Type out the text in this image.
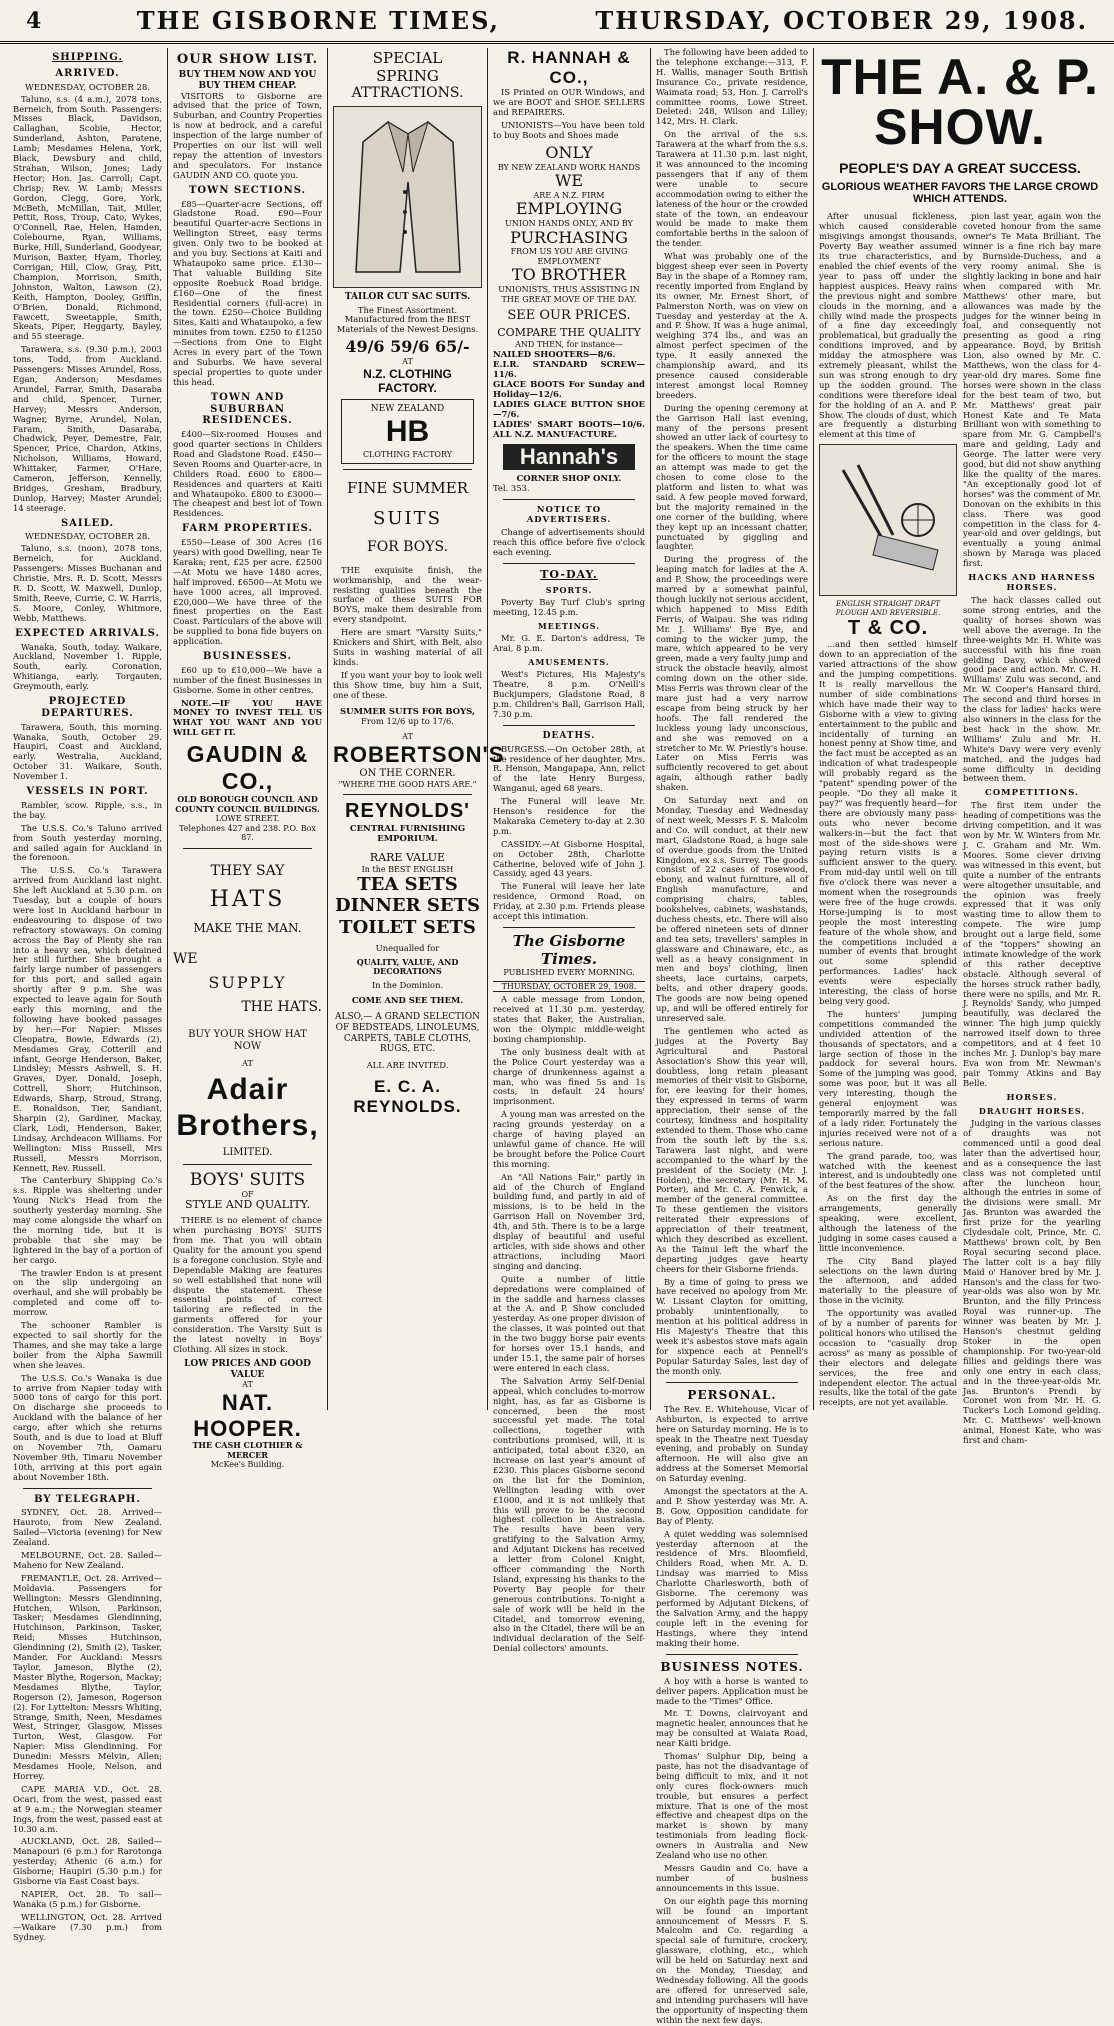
4	THE GISBORNE TIMES,	THURSDAY, OCTOBER 29, 1908.
SHIPPING.
ARRIVED.
WEDNESDAY, OCTOBER 28.

Taluno, s.s. (4 a.m.), 2078 tons, Berneich, from South. Passengers: Misses Black, Davidson, Callaghan, Scobie, Hector, Sunderland, Ashton, Paratene, Lamb; Mesdames Helena, York, Black, Dewsbury and child, Strahan, Wilson, Jones; Lady Hector; Hon. Jas. Carroll; Capt. Chrisp; Rev. W. Lamb; Messrs Gordon, Clegg, Gore, York, McBeth, McMillan, Tait, Miller, Pettit, Ross, Troup, Cato, Wykes, O'Connell, Rae, Helen, Hamden, Colebourne, Ryan, Williams, Burke, Hill, Sunderland, Goodyear, Murison, Baxter, Hyam, Thorley, Corrigan, Hill, Clow, Gray, Pitt, Champion, Morrison, Smith, Johnston, Walton, Lawson (2), Keith, Hampton, Dooley, Griffin, O'Brien, Donald, Richmond, Fawcett, Sweetapple, Smith, Skeats, Piper, Heggarty, Bayley, and 55 steerage.

Tarawera, s.s. (9.30 p.m.), 2003 tons, Todd, from Auckland. Passengers: Misses Arundel, Ross, Egan, Anderson; Mesdames Arundel, Farrar, Smith, Dasaraba and child, Spencer, Turner, Harvey; Messrs Anderson, Wagner, Byrne, Arundel, Nolan, Faram, Smith, Dasaraba, Chadwick, Peyer, Demestre, Fair, Spencer, Price, Chardon, Atkins, Nicholson, Williams, Howard, Whittaker, Farmer, O'Hare, Cameron, Jefferson, Kennelly, Bridges, Gresham, Bradbury, Dunlop, Harvey; Master Arundel; 14 steerage.

SAILED.
WEDNESDAY, OCTOBER 28.

Taluno, s.s. (noon), 2078 tons, Berneich, for Auckland. Passengers: Misses Buchanan and Christie, Mrs. R. D. Scott, Messrs R. D. Scott, W. Maxwell, Dunlop, Smith, Reeve, Currie, C. W. Harris, S. Moore, Conley, Whitmore, Webb, Matthews.

EXPECTED ARRIVALS.

Wanaka, South, today. Waikare, Auckland, November 1. Ripple, South, early. Coronation, Whitianga, early. Torgauten, Greymouth, early.

PROJECTED DEPARTURES.

Tarawera, South, this morning. Wanaka, South, October 29. Haupiri, Coast and Auckland, early. Westralia, Auckland, October 31. Waikare, South, November 1.

VESSELS IN PORT.

Rambler, scow. Ripple, s.s., in the bay.

The U.S.S. Co.'s Taluno arrived from South yesterday morning, and sailed again for Auckland in the forenoon.

The U.S.S. Co.'s Tarawera arrived from Auckland last night. She left Auckland at 5.30 p.m. on Tuesday, but a couple of hours were lost in Auckland harbour in endeavouring to dispose of two refractory stowaways. On coming across the Bay of Plenty she ran into a heavy sea, which detained her still further. She brought a fairly large number of passengers for this port, and sailed again shortly after 9 p.m. She was expected to leave again for South early this morning, and the following have booked passages by her:—For Napier: Misses Cleopatra, Bowie, Edwards (2), Mesdames Gray, Cotterill and infant, George Henderson, Baker, Lindsley; Messrs Ashwell, S. H. Graves, Dyer, Donald, Joseph, Cottrell, Shorr, Hutchinson, Edwards, Sharp, Stroud, Strang, E. Ronaldson, Tier, Sandiant, Sharpin (2), Gardiner, Mackay, Clark, Lodi, Henderson, Baker, Lindsay, Archdeacon Williams. For Wellington: Miss Russell, Mrs Russell, Messrs Morrison, Kennett, Rev. Russell.

The Canterbury Shipping Co.'s s.s. Ripple was sheltering under Young Nick's Head from the southerly yesterday morning. She may come alongside the wharf on the morning tide, but it is probable that she may be lightered in the bay of a portion of her cargo.

The trawler Endon is at present on the slip undergoing an overhaul, and she will probably be completed and come off to-morrow.

The schooner Rambler is expected to sail shortly for the Thames, and she may take a large boiler from the Alpha Sawmill when she leaves.

The U.S.S. Co.'s Wanaka is due to arrive from Napier today with 5000 tons of cargo for this port. On discharge she proceeds to Auckland with the balance of her cargo, after which she returns South, and is due to load at Bluff on November 7th, Oamaru November 9th, Timaru November 10th, arriving at this port again about November 18th.

BY TELEGRAPH.

SYDNEY, Oct. 28. Arrived—Hauroto, from New Zealand. Sailed—Victoria (evening) for New Zealand.

MELBOURNE, Oct. 28. Sailed—Maheno for New Zealand.

FREMANTLE, Oct. 28. Arrived—Moldavia. Passengers for Wellington: Messrs Glendinning, Hutchen, Wilson, Parkinson, Tasker; Mesdames Glendinning, Hutchinson, Parkinson, Tasker, Reid; Misses Hutchinson, Glendinning (2), Smith (2), Tasker, Mander. For Auckland: Messrs Taylor, Jameson, Blythe (2), Master Blythe, Rogerson, Mackay; Mesdames Blythe, Taylor, Rogerson (2), Jameson, Rogerson (2). For Lyttelton: Messrs Whiting, Strange, Smith, Neen, Mesdames West, Stringer, Glasgow, Misses Turton, West, Glasgow. For Napier: Miss Glendinning. For Dunedin: Messrs Melvin, Allen; Mesdames Hoole, Nelson, and Horrey.

CAPE MARIA V.D., Oct. 28. Ocari, from the west, passed east at 9 a.m.; the Norwegian steamer Ings, from the west, passed east at 10.30 a.m.

AUCKLAND, Oct. 28. Sailed—Manapouri (6 p.m.) for Rarotonga yesterday; Athenic (6 a.m.) for Gisborne; Haupiri (5.30 p.m.) for Gisborne via East Coast bays.

NAPIER, Oct. 28. To sail—Wanaka (5 p.m.) for Gisborne.

WELLINGTON, Oct. 28. Arrived—Waikare (7.30 p.m.) from Sydney.

OUR SHOW LIST.
BUY THEM NOW AND YOU BUY THEM CHEAP.

VISITORS to Gisborne are advised that the price of Town, Suburban, and Country Properties is now at bedrock, and a careful inspection of the large number of Properties on our list will well repay the attention of investors and speculators. For instance GAUDIN AND CO. quote you.

TOWN SECTIONS.

£85—Quarter-acre Sections, off Gladstone Road. £90—Four beautiful Quarter-acre Sections in Wellington Street, easy terms given. Only two to be booked at and you buy. Sections at Kaiti and Whataupoko same price. £130—That valuable Building Site opposite Roebuck Road bridge. £160—One of the finest Residential corners (full-acre) in the town. £250—Choice Building Sites, Kaiti and Whataupoko, a few minutes from town. £250 to £1250—Sections from One to Eight Acres in every part of the Town and Suburbs. We have several special properties to quote under this head.

TOWN AND SUBURBAN RESIDENCES.

£400—Six-roomed Houses and good quarter sections in Childers Road and Gladstone Road. £450—Seven Rooms and Quarter-acre, in Childers Road. £600 to £800—Residences and quarters at Kaiti and Whataupoko. £800 to £3000—The cheapest and best lot of Town Residences.

FARM PROPERTIES.

£550—Lease of 300 Acres (16 years) with good Dwelling, near Te Karaka; rent, £25 per acre. £2500—At Motu we have 1480 acres, half improved. £6500—At Motu we have 1000 acres, all improved. £20,000—We have three of the finest properties on the East Coast. Particulars of the above will be supplied to bona fide buyers on application.

BUSINESSES.

£60 up to £10,000—We have a number of the finest Businesses in Gisborne. Some in other centres.

NOTE.—IF YOU HAVE MONEY TO INVEST TELL US WHAT YOU WANT AND YOU WILL GET IT.

GAUDIN & CO.,
OLD BOROUGH COUNCIL AND COUNTY COUNCIL BUILDINGS.
LOWE STREET.
Telephones 427 and 238. P.O. Box 87.
THEY SAY
HATS
MAKE THE MAN.
WE
SUPPLY
THE HATS.
BUY YOUR SHOW HAT NOW
AT
Adair
Brothers,
LIMITED.
BOYS' SUITS
OF
STYLE AND QUALITY.

THERE is no element of chance when purchasing BOYS' SUITS from me. That you will obtain Quality for the amount you spend is a foregone conclusion. Style and Dependable Making are features so well established that none will dispute the statement. These essential points of correct tailoring are reflected in the garments offered for your consideration. The Varsity Suit is the latest novelty in Boys' Clothing. All sizes in stock.

LOW PRICES AND GOOD VALUE
AT
NAT. HOOPER.
THE CASH CLOTHIER & MERCER
McKee's Building.
SPECIAL
SPRING
ATTRACTIONS.
TAILOR CUT SAC SUITS.
The Finest Assortment. Manufactured from the BEST Materials of the Newest Designs.
49/6 59/6 65/-
AT
N.Z. CLOTHING FACTORY.
NEW ZEALAND
HB
CLOTHING FACTORY
FINE SUMMER
SUITS
FOR BOYS.

THE exquisite finish, the workmanship, and the wear-resisting qualities beneath the surface of these SUITS FOR BOYS, make them desirable from every standpoint.

Here are smart "Varsity Suits," Knickers and Shirt, with Belt, also Suits in washing material of all kinds.

If you want your boy to look well this Show time, buy him a Suit, one of these.

SUMMER SUITS FOR BOYS,
From 12/6 up to 17/6.
AT
ROBERTSON'S
ON THE CORNER.
"WHERE THE GOOD HATS ARE."
REYNOLDS'
CENTRAL FURNISHING EMPORIUM.
RARE VALUE
In the BEST ENGLISH
TEA SETS
DINNER SETS
TOILET SETS
Unequalled for
QUALITY, VALUE, AND DECORATIONS
In the Dominion.
COME AND SEE THEM.
ALSO,— A GRAND SELECTION OF BEDSTEADS, LINOLEUMS, CARPETS, TABLE CLOTHS, RUGS, ETC.
ALL ARE INVITED.
E. C. A. REYNOLDS.
R. HANNAH & CO.,

IS Printed on OUR Windows, and we are BOOT and SHOE SELLERS and REPAIRERS.

UNIONISTS—You have been told to buy Boots and Shoes made

ONLY
BY NEW ZEALAND WORK HANDS
WE
ARE A N.Z. FIRM
EMPLOYING
UNION HANDS ONLY, AND BY
PURCHASING
FROM US YOU ARE GIVING EMPLOYMENT
TO BROTHER
UNIONISTS, THUS ASSISTING IN THE GREAT MOVE OF THE DAY.
SEE OUR PRICES.
COMPARE THE QUALITY
AND THEN, for instance—
NAILED SHOOTERS—8/6.
E.I.R. STANDARD SCREW—11/6.
GLACE BOOTS For Sunday and Holiday—12/6.
LADIES GLACE BUTTON SHOE—7/6.
LADIES' SMART BOOTS—10/6. ALL N.Z. MANUFACTURE.
Hannah's
CORNER SHOP ONLY.
Tel. 353.
NOTICE TO ADVERTISERS.

Change of advertisements should reach this office before five o'clock each evening.

TO-DAY.
SPORTS.

Poverty Bay Turf Club's spring meeting, 12.45 p.m.

MEETINGS.

Mr. G. E. Darton's address, Te Arai, 8 p.m.

AMUSEMENTS.

West's Pictures, His Majesty's Theatre, 8 p.m. O'Neill's Buckjumpers, Gladstone Road, 8 p.m. Children's Ball, Garrison Hall, 7.30 p.m.

DEATHS.

BURGESS.—On October 28th, at the residence of her daughter, Mrs. R. Henson, Mangapapa, Ann, relict of the late Henry Burgess, Wanganui, aged 68 years.

The Funeral will leave Mr. Henson's residence for the Makaraka Cemetery to-day at 2.30 p.m.

CASSIDY.—At Gisborne Hospital, on October 28th, Charlotte Catherine, beloved wife of John J. Cassidy, aged 43 years.

The Funeral will leave her late residence, Ormond Road, on Friday, at 2.30 p.m. Friends please accept this intimation.

The Gisborne Times.
PUBLISHED EVERY MORNING.
THURSDAY, OCTOBER 29, 1908.

A cable message from London, received at 11.30 p.m. yesterday, states that Baker, the Australian, won the Olympic middle-weight boxing championship.

The only business dealt with at the Police Court yesterday was a charge of drunkenness against a man, who was fined 5s and 1s costs, in default 24 hours' imprisonment.

A young man was arrested on the racing grounds yesterday on a charge of having played an unlawful game of chance. He will be brought before the Police Court this morning.

An "All Nations Fair," partly in aid of the Church of England building fund, and partly in aid of missions, is to be held in the Garrison Hall on November 3rd, 4th, and 5th. There is to be a large display of beautiful and useful articles, with side shows and other attractions, including Maori singing and dancing.

Quite a number of little depredations were complained of in the saddle and harness classes at the A. and P. Show concluded yesterday. As one proper division of the classes, it was pointed out that in the two buggy horse pair events for horses over 15.1 hands, and under 15.1, the same pair of horses were entered in each class.

The Salvation Army Self-Denial appeal, which concludes to-morrow night, has, as far as Gisborne is concerned, been the most successful yet made. The total collections, together with contributions promised, will, it is anticipated, total about £320, an increase on last year's amount of £230. This places Gisborne second on the list for the Dominion, Wellington leading with over £1000, and it is not unlikely that this will prove to be the second highest collection in Australasia. The results have been very gratifying to the Salvation Army, and Adjutant Dickens has received a letter from Colonel Knight, officer commanding the North Island, expressing his thanks to the Poverty Bay people for their generous contributions. To-night a sale of work will be held in the Citadel, and tomorrow evening, also in the Citadel, there will be an individual declaration of the Self-Denial collectors' amounts.

The following have been added to the telephone exchange:—313, F. H. Wallis, manager South British Insurance Co., private residence, Waimata road; 53, Hon. J. Carroll's committee rooms, Lowe Street. Deleted: 248, Wilson and Lilley; 142, Mrs. H. Clark.

On the arrival of the s.s. Tarawera at the wharf from the s.s. Tarawera at 11.30 p.m. last night, it was announced to the incoming passengers that if any of them were unable to secure accommodation owing to either the lateness of the hour or the crowded state of the town, an endeavour would be made to make them comfortable berths in the saloon of the tender.

What was probably one of the biggest sheep ever seen in Poverty Bay in the shape of a Romney ram, recently imported from England by its owner, Mr. Ernest Short, of Palmerston North, was on view on Tuesday and yesterday at the A. and P. Show. It was a huge animal, weighing 374 lbs., and was an almost perfect specimen of the type. It easily annexed the championship award, and its presence caused considerable interest amongst local Romney breeders.

During the opening ceremony at the Garrison Hall last evening, many of the persons present showed an utter lack of courtesy to the speakers. When the time came for the officers to mount the stage an attempt was made to get the chosen to come close to the platform and listen to what was said. A few people moved forward, but the majority remained in the one corner of the building, where they kept up an incessant chatter, punctuated by giggling and laughter.

During the progress of the leaping match for ladies at the A. and P. Show, the proceedings were marred by a somewhat painful, though luckily not serious accident, which happened to Miss Edith Ferris, of Waipau. She was riding Mr. J. Williams' Bye Bye, and coming to the wicker jump, the mare, which appeared to be very green, made a very faulty jump and struck the obstacle heavily, almost coming down on the other side. Miss Ferris was thrown clear of the mare just had a very narrow escape from being struck by her hoofs. The fall rendered the luckless young lady unconscious, and she was removed on a stretcher to Mr. W. Priestly's house. Later on Miss Ferris was sufficiently recovered to get about again, although rather badly shaken.

On Saturday next and on Monday, Tuesday and Wednesday of next week, Messrs F. S. Malcolm and Co. will conduct, at their new mart, Gladstone Road, a huge sale of overdue goods from the United Kingdom, ex s.s. Surrey. The goods consist of 22 cases of rosewood, ebony, and walnut furniture, all of English manufacture, and comprising chairs, tables, bookshelves, cabinets, washstands, duchess chests, etc. There will also be offered nineteen sets of dinner and tea sets, travellers' samples in glassware and Chinaware, etc., as well as a heavy consignment in men and boys' clothing, linen sheets, lace curtains, carpets, belts, and other drapery goods. The goods are now being opened up, and will be offered entirely for unreserved sale.

The gentlemen who acted as judges at the Poverty Bay Agricultural and Pastoral Association's Show this year will, doubtless, long retain pleasant memories of their visit to Gisborne, for, ere leaving for their homes, they expressed in terms of warm appreciation, their sense of the courtesy, kindness and hospitality extended to them. Those who came from the south left by the s.s. Tarawera last night, and were accompanied to the wharf by the president of the Society (Mr. J. Holden), the secretary (Mr. H. M. Porter), and Mr. C. A. Fenwick, a member of the general committee. To these gentlemen the visitors reiterated their expressions of appreciation of their treatment, which they described as excellent. As the Tainui left the wharf the departing judges gave hearty cheers for their Gisborne friends.

By a time of going to press we have received no apology from Mr. W. Lissant Clayton for omitting, probably unintentionally, to mention at his political address in His Majesty's Theatre that this week it's asbestos stove mats again for sixpence each at Pennell's Popular Saturday Sales, last day of the month only.

PERSONAL.

The Rev. E. Whitehouse, Vicar of Ashburton, is expected to arrive here on Saturday morning. He is to speak in the Theatre next Tuesday evening, and probably on Sunday afternoon. He will also give an address at the Somerset Memorial on Saturday evening.

Amongst the spectators at the A. and P. Show yesterday was Mr. A. B. Gow, Opposition candidate for Bay of Plenty.

A quiet wedding was solemnised yesterday afternoon at the residence of Mrs. Bloomfield, Childers Road, when Mr. A. D. Lindsay was married to Miss Charlotte Charlesworth, both of Gisborne. The ceremony was performed by Adjutant Dickens, of the Salvation Army, and the happy couple left in the evening for Hastings, where they intend making their home.

BUSINESS NOTES.

A boy with a horse is wanted to deliver papers. Application must be made to the "Times" Office.

Mr. T. Downs, clairvoyant and magnetic healer, announces that he may be consulted at Waiata Road, near Kaiti bridge.

Thomas' Sulphur Dip, being a paste, has not the disadvantage of being difficult to mix, and it not only cures flock-owners much trouble, but ensures a perfect mixture. That is one of the most effective and cheapest dips on the market is shown by many testimonials from leading flock-owners in Australia and New Zealand who use no other.

Messrs Gaudin and Co. have a number of business announcements in this issue.

On our eighth page this morning will be found an important announcement of Messrs F. S. Malcolm and Co. regarding a special sale of furniture, crockery, glassware, clothing, etc., which will be held on Saturday next and on the Monday, Tuesday, and Wednesday following. All the goods are offered for unreserved sale, and intending purchasers will have the opportunity of inspecting them within the next few days.

THE A. & P. SHOW.
PEOPLE'S DAY A GREAT SUCCESS.
GLORIOUS WEATHER FAVORS THE LARGE CROWD WHICH ATTENDS.

After unusual fickleness, which caused considerable misgivings amongst thousands, Poverty Bay weather assumed its true characteristics, and enabled the chief events of the year to pass off under the happiest auspices. Heavy rains the previous night and sombre clouds in the morning, and a chilly wind made the prospects of a fine day exceedingly problematical, but gradually the conditions improved, and by midday the atmosphere was extremely pleasant, whilst the sun was strong enough to dry up the sodden ground. The conditions were therefore ideal for the holding of an A. and P. Show. The clouds of dust, which are frequently a disturbing element at this time of

ENGLISH STRAIGHT DRAFT PLOUGH AND REVERSIBLE.
T & CO.

...and then settled himself down to an appreciation of the varied attractions of the show and the jumping competitions. It is really marvellous the number of side combinations which have made their way to Gisborne with a view to giving entertainment to the public and incidentally of turning an honest penny at Show time, and the fact must be accepted as an indication of what tradespeople will probably regard as the "patent" spending power of the people. "Do they all make it pay?" was frequently heard—for there are obviously many pass-outs who never become walkers-in—but the fact that most of the side-shows were paying return visits is a sufficient answer to the query. From mid-day until well on till five o'clock there was never a moment when the rosegrounds were free of the huge crowds. Horse-jumping is to most people the most interesting feature of the whole show, and the competitions included a number of events that brought out some splendid performances. Ladies' hack events were especially interesting, the class of horse being very good.

The hunters' jumping competitions commanded the undivided attention of the thousands of spectators, and a large section of those in the paddock for several hours. Some of the jumping was good, some was poor, but it was all very interesting, though the general enjoyment was temporarily marred by the fall of a lady rider. Fortunately the injuries received were not of a serious nature.

The grand parade, too, was watched with the keenest interest, and is undoubtedly one of the best features of the show.

As on the first day the arrangements, generally speaking, were excellent, although the lateness of the judging in some cases caused a little inconvenience.

The City Band played selections on the lawn during the afternoon, and added materially to the pleasure of those in the vicinity.

The opportunity was availed of by a number of parents for political honors who utilised the occasion to "casually drop across" as many as possible of their electors and delegate services, the free and independent elector. The actual results, like the total of the gate receipts, are not yet available.

pion last year, again won the coveted honour from the same owner's Te Mata Brilliant. The winner is a fine rich bay mare by Burnside-Duchess, and a very roomy animal. She is slightly lacking in bone and hair when compared with Mr. Matthews' other mare, but allowances was made by the judges for the winner being in foal, and consequently not presenting as good a ring appearance. Boyd, by British Lion, also owned by Mr. C. Matthews, won the class for 4-year-old dry mares. Some fine horses were shown in the class for the best team of two, but Mr. Matthews' great pair Honest Kate and Te Mata Brilliant won with something to spare from Mr. G. Campbell's mare and gelding, Lady and George. The latter were very good, but did not show anything like the quality of the mares. "An exceptionally good lot of horses" was the comment of Mr. Donovan on the exhibits in this class. There was good competition in the class for 4-year-old and over geldings, but eventually a young animal shown by Maraga was placed first.

HACKS AND HARNESS HORSES.

The hack classes called out some strong entries, and the quality of horses shown was well above the average. In the three-weights Mr. H. White was successful with his fine roan gelding Davy, which showed good pace and action. Mr. C. H. Williams' Zulu was second, and Mr. W. Cooper's Hansard third. The second and third horses in the class for ladies' hacks were also winners in the class for the best hack in the show. Mr. Williams' Zulu and Mr. H. White's Davy were very evenly matched, and the judges had some difficulty in deciding between them.

COMPETITIONS.

The first item under the heading of competitions was the driving competition, and it was won by Mr. W. Winters from Mr. J. C. Graham and Mr. Wm. Moores. Some clever driving was witnessed in this event, but quite a number of the entrants were altogether unsuitable, and the opinion was freely expressed that it was only wasting time to allow them to compete. The wire jump brought out a large field, some of the "toppers" showing an intimate knowledge of the work of this rather deceptive obstacle. Although several of the horses struck rather badly, there were no spills, and Mr. R. J. Reynolds' Sandy, who jumped beautifully, was declared the winner. The high jump quickly narrowed itself down to three competitors, and at 4 feet 10 inches Mr. J. Dunlop's bay mare Eva won from Mr. Newman's pair Tommy Atkins and Bay Belle.

HORSES.
DRAUGHT HORSES.

Judging in the various classes of draughts was not commenced until a good deal later than the advertised hour, and as a consequence the last class was not completed until after the luncheon hour, although the entries in some of the divisions were small. Mr Jas. Brunton was awarded the first prize for the yearling Clydesdale colt, Prince, Mr. C. Matthews' brown colt, by Ben Royal securing second place. The latter colt is a bay filly Maid o' Hanover bred by Mr. J. Hanson's and the class for two-year-olds was also won by Mr. Brunton, and the filly Princess Royal was runner-up. The winner was beaten by Mr. J. Hanson's chestnut gelding Stoker in the open championship. For two-year-old fillies and geldings there was only one entry in each class, and in the three-year-olds Mr. Jas. Brunton's Prendi by Coronet won from Mr. H. G. Tucker's Loch Lomond gelding. Mr. C. Matthews' well-known animal, Honest Kate, who was first and cham-
